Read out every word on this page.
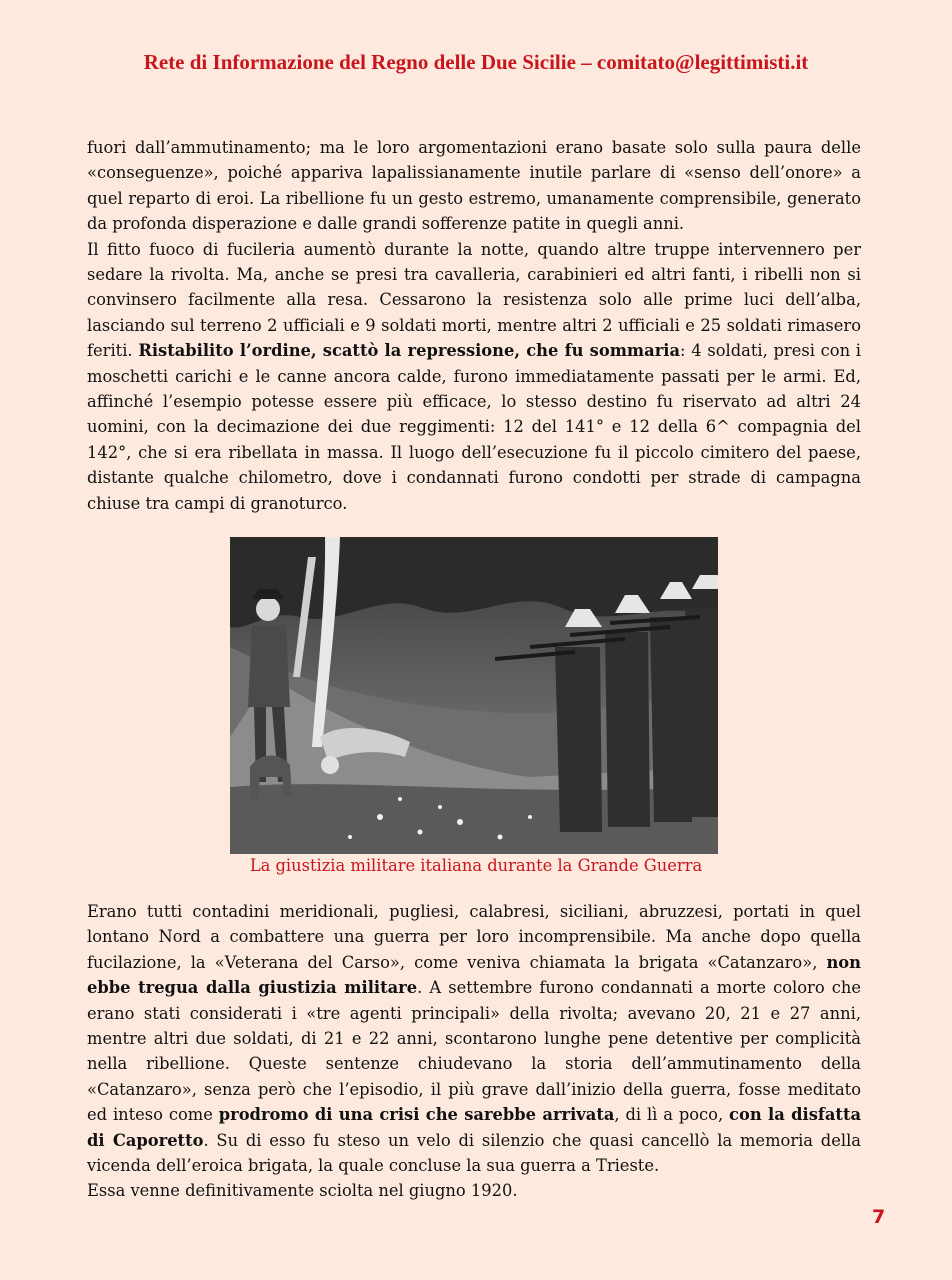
Rete di Informazione del Regno delle Due Sicilie – comitato@legittimisti.it

fuori dall’ammutinamento; ma le loro argomentazioni erano basate solo sulla paura delle «conseguenze», poiché appariva lapalissianamente inutile parlare di «senso dell’onore» a quel reparto di eroi. La ribellione fu un gesto estremo, umanamente comprensibile, generato da profonda disperazione e dalle grandi sofferenze patite in quegli anni.

Il fitto fuoco di fucileria aumentò durante la notte, quando altre truppe intervennero per sedare la rivolta. Ma, anche se presi tra cavalleria, carabinieri ed altri fanti, i ribelli non si convinsero facilmente alla resa. Cessarono la resistenza solo alle prime luci dell’alba, lasciando sul terreno 2 ufficiali e 9 soldati morti, mentre altri 2 ufficiali e 25 soldati rimasero feriti. Ristabilito l’ordine, scattò la repressione, che fu sommaria: 4 soldati, presi con i moschetti carichi e le canne ancora calde, furono immediatamente passati per le armi. Ed, affinché l’esempio potesse essere più efficace, lo stesso destino fu riservato ad altri 24 uomini, con la decimazione dei due reggimenti: 12 del 141° e 12 della 6^ compagnia del 142°, che si era ribellata in massa. Il luogo dell’esecuzione fu il piccolo cimitero del paese, distante qualche chilometro, dove i condannati furono condotti per strade di campagna chiuse tra campi di granoturco.

La giustizia militare italiana durante la Grande Guerra

Erano tutti contadini meridionali, pugliesi, calabresi, siciliani, abruzzesi, portati in quel lontano Nord a combattere una guerra per loro incomprensibile. Ma anche dopo quella fucilazione, la «Veterana del Carso», come veniva chiamata la brigata «Catanzaro», non ebbe tregua dalla giustizia militare. A settembre furono condannati a morte coloro che erano stati considerati i «tre agenti principali» della rivolta; avevano 20, 21 e 27 anni, mentre altri due soldati, di 21 e 22 anni, scontarono lunghe pene detentive per complicità nella ribellione. Queste sentenze chiudevano la storia dell’ammutinamento della «Catanzaro», senza però che l’episodio, il più grave dall’inizio della guerra, fosse meditato ed inteso come prodromo di una crisi che sarebbe arrivata, di lì a poco, con la disfatta di Caporetto. Su di esso fu steso un velo di silenzio che quasi cancellò la memoria della vicenda dell’eroica brigata, la quale concluse la sua guerra a Trieste.

Essa venne definitivamente sciolta nel giugno 1920.

7
